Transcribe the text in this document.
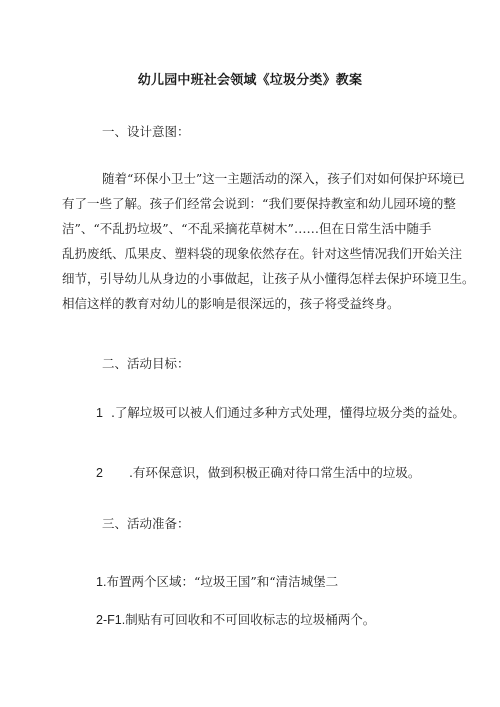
幼儿园中班社会领域《垃圾分类》教案
一、设计意图：
随着“环保小卫士”这一主题活动的深入，孩子们对如何保护环境已
有了一些了解。孩子们经常会说到：“我们要保持教室和幼儿园环境的整
洁”、“不乱扔垃圾”、“不乱采摘花草树木”……但在日常生活中随手
乱扔废纸、瓜果皮、塑料袋的现象依然存在。针对这些情况我们开始关注
细节，引导幼儿从身边的小事做起，让孩子从小懂得怎样去保护环境卫生。
相信这样的教育对幼儿的影响是很深远的，孩子将受益终身。
二、活动目标：
1 .了解垃圾可以被人们通过多种方式处理，懂得垃圾分类的益处。
2 .有环保意识，做到积极正确对待口常生活中的垃圾。
三、活动准备：
1.布置两个区域：“垃圾王国”和“清洁城堡二
2-F1.制贴有可回收和不可回收标志的垃圾桶两个。
